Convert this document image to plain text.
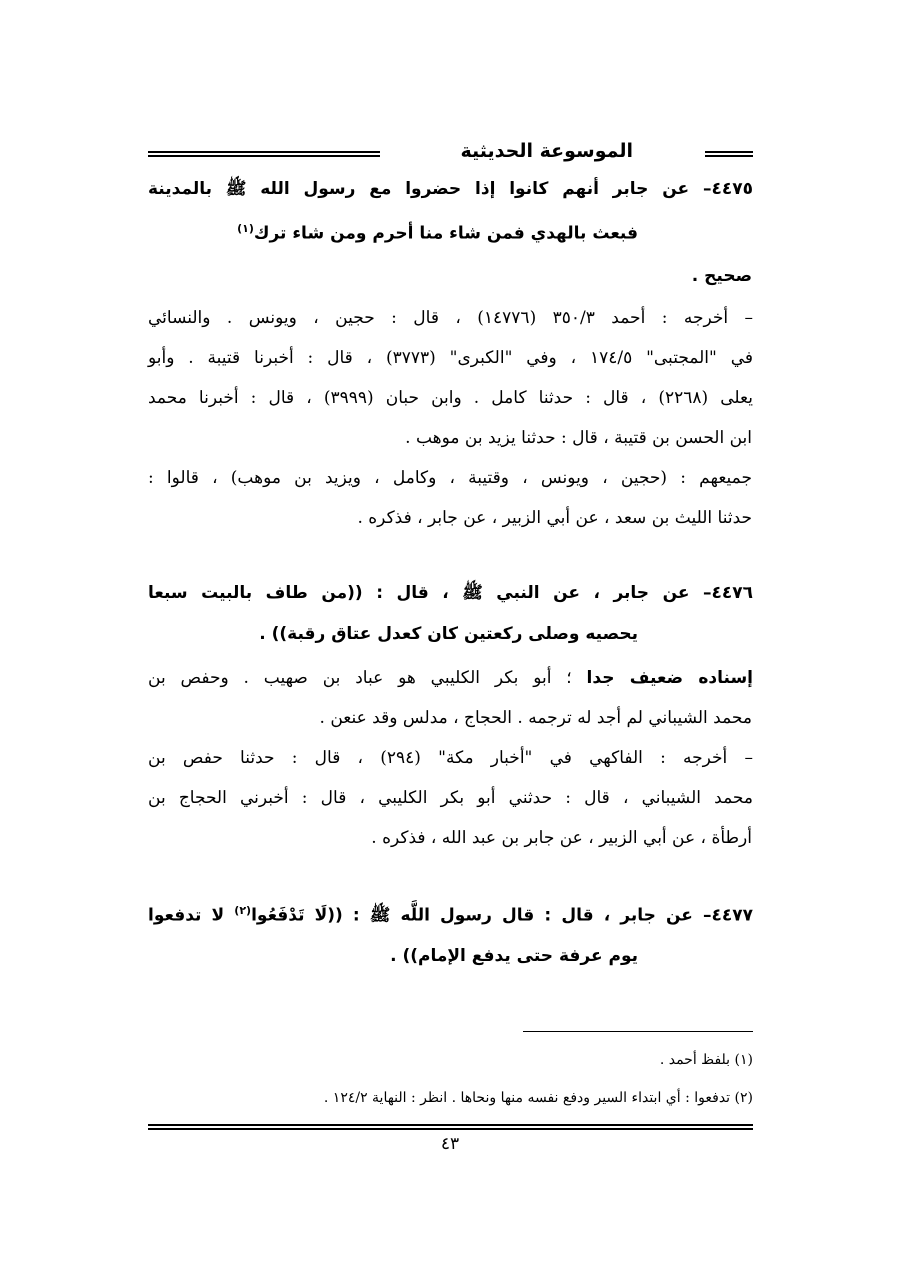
الموسوعة الحديثية
٤٤٧٥– عن جابر أنهم كانوا إذا حضروا مع رسول الله ﷺ بالمدينة
فبعث بالهدي فمن شاء منا أحرم ومن شاء ترك$^{(١)}$
صحيح .
– أخرجه : أحمد ٣٥٠/٣ (١٤٧٧٦) ، قال : حجين ، ويونس . والنسائي
في "المجتبى" ١٧٤/٥ ، وفي "الكبرى" (٣٧٧٣) ، قال : أخبرنا قتيبة . وأبو
يعلى (٢٢٦٨) ، قال : حدثنا كامل . وابن حبان (٣٩٩٩) ، قال : أخبرنا محمد
ابن الحسن بن قتيبة ، قال : حدثنا يزيد بن موهب .
جميعهم : (حجين ، ويونس ، وقتيبة ، وكامل ، ويزيد بن موهب) ، قالوا :
حدثنا الليث بن سعد ، عن أبي الزبير ، عن جابر ، فذكره .
٤٤٧٦– عن جابر ، عن النبي ﷺ ، قال : ((من طاف بالبيت سبعا
يحصيه وصلى ركعتين كان كعدل عتاق رقبة)) .
إسناده ضعيف جدا ؛ أبو بكر الكليبي هو عباد بن صهيب . وحفص بن
محمد الشيباني لم أجد له ترجمه . الحجاج ، مدلس وقد عنعن .
– أخرجه : الفاكهي في "أخبار مكة" (٢٩٤) ، قال : حدثنا حفص بن
محمد الشيباني ، قال : حدثني أبو بكر الكليبي ، قال : أخبرني الحجاج بن
أرطأة ، عن أبي الزبير ، عن جابر بن عبد الله ، فذكره .
٤٤٧٧– عن جابر ، قال : قال رسول اللَّه ﷺ : ((لَا تَدْفَعُوا$^{(٢)}$ لا تدفعوا
يوم عرفة حتى يدفع الإمام)) .
(١) بلفظ أحمد .
(٢) تدفعوا : أي ابتداء السير ودفع نفسه منها ونحاها . انظر : النهاية ١٢٤/٢ .
٤٣
